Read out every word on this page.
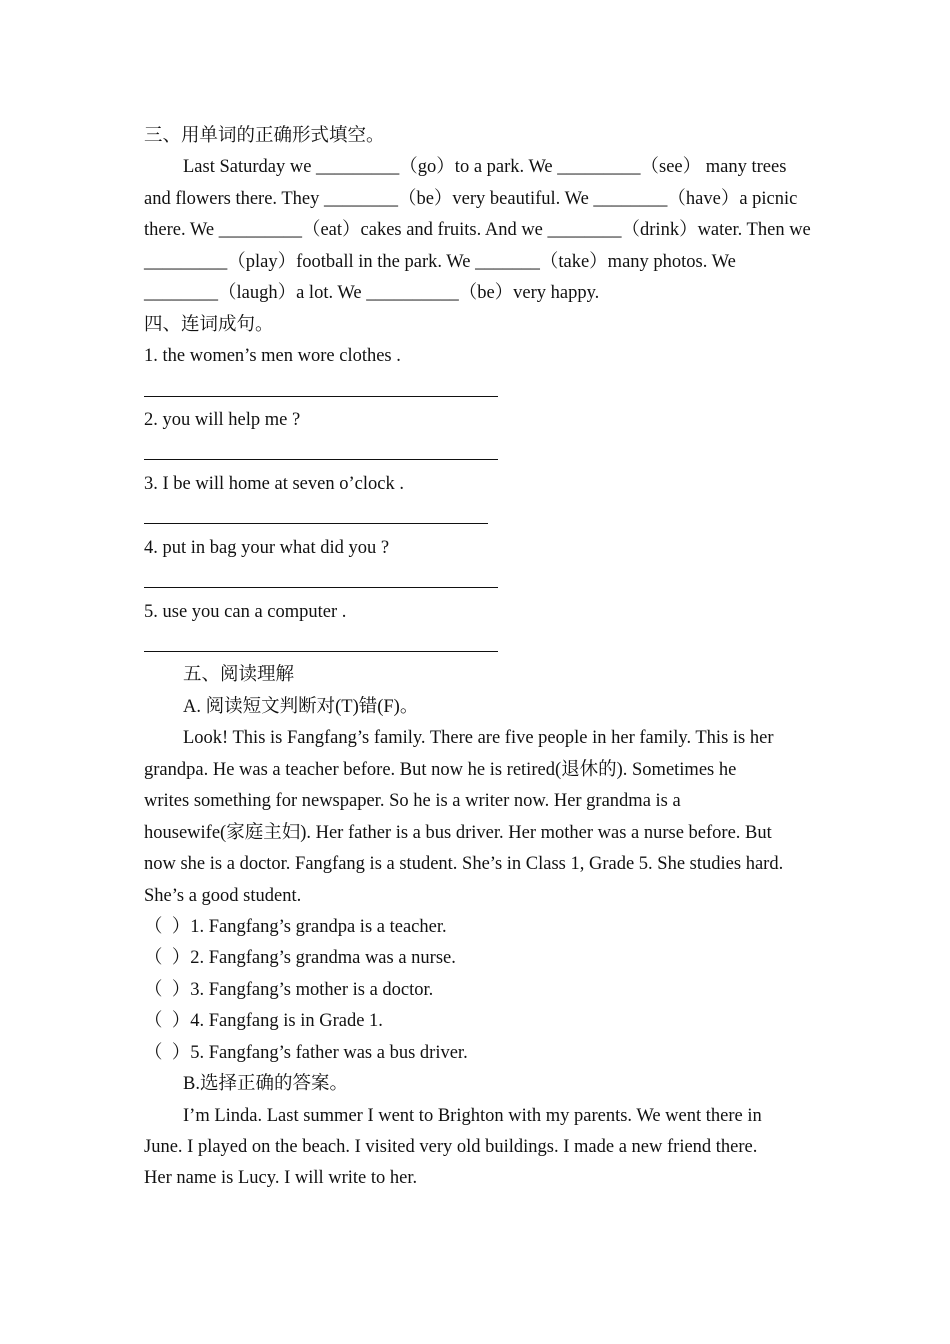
三、用单词的正确形式填空。
Last Saturday we _________（go）to a park. We _________（see） many trees
and flowers there. They ________（be）very beautiful. We ________（have）a picnic
there. We _________（eat）cakes and fruits. And we ________（drink）water. Then we
_________（play）football in the park. We _______（take）many photos. We
________（laugh）a lot. We __________（be）very happy.
四、连词成句。
1. the women’s men wore clothes .
2. you will help me ?
3. I be will home at seven o’clock .
4. put in bag your what did you ?
5. use you can a computer .
五、阅读理解
A. 阅读短文判断对(T)错(F)。
Look! This is Fangfang’s family. There are five people in her family. This is her
grandpa. He was a teacher before. But now he is retired(退休的). Sometimes he
writes something for newspaper. So he is a writer now. Her grandma is a
housewife(家庭主妇). Her father is a bus driver. Her mother was a nurse before. But
now she is a doctor. Fangfang is a student. She’s in Class 1, Grade 5. She studies hard.
She’s a good student.
（  ）1. Fangfang’s grandpa is a teacher.
（  ）2. Fangfang’s grandma was a nurse.
（  ）3. Fangfang’s mother is a doctor.
（  ）4. Fangfang is in Grade 1.
（  ）5. Fangfang’s father was a bus driver.
B.选择正确的答案。
I’m Linda. Last summer I went to Brighton with my parents. We went there in
June. I played on the beach. I visited very old buildings. I made a new friend there.
Her name is Lucy. I will write to her.
